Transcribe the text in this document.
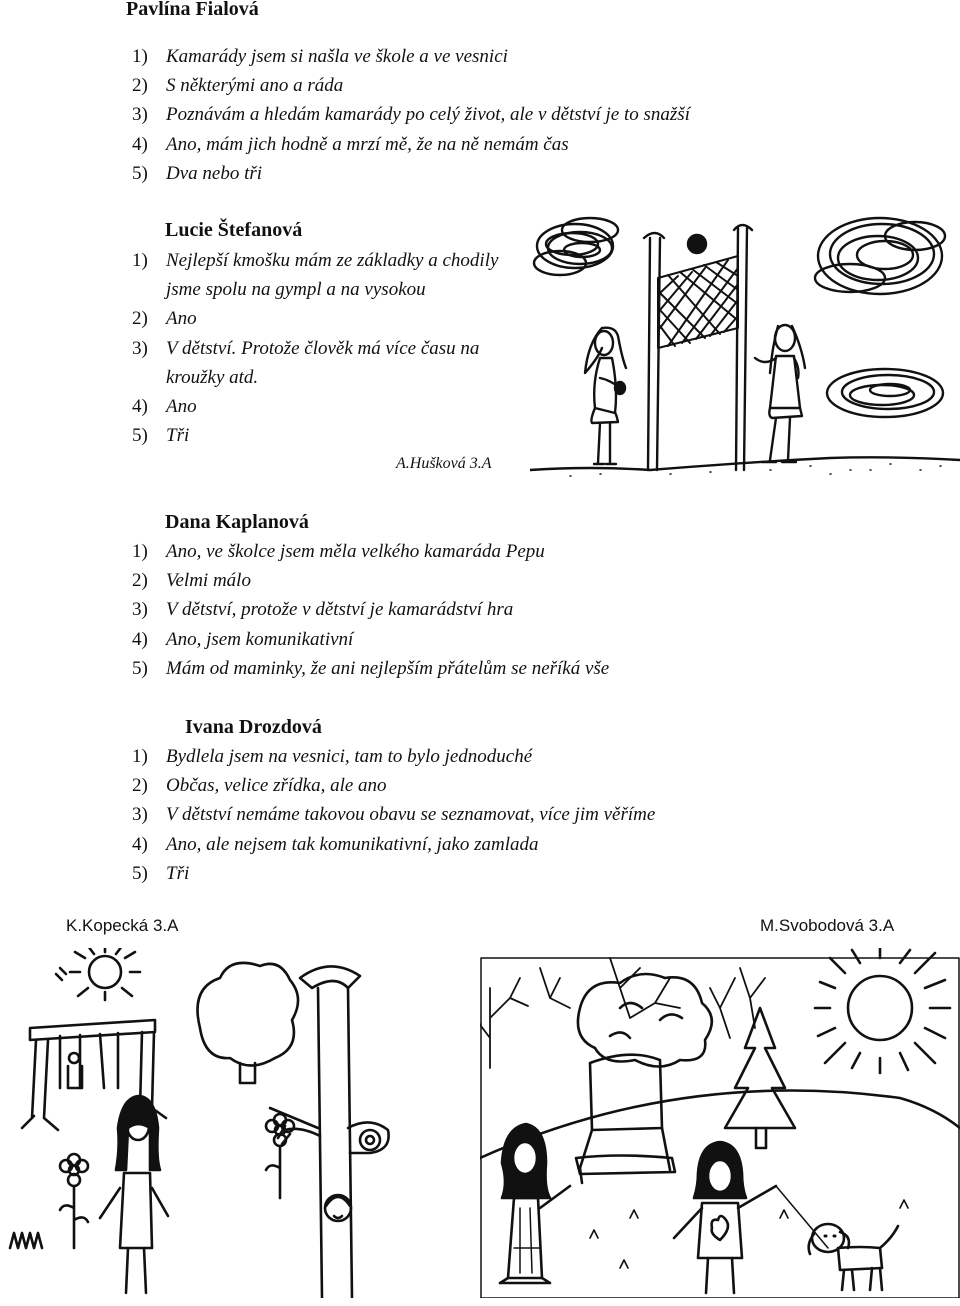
Pavlína Fialová
1 )	Kamarády jsem si našla ve škole a ve vesnici
2 )	S některými ano a ráda
3 )	Poznávám a hledám kamarády po celý život, ale v dětství je to snažší
4 )	Ano, mám jich hodně a mrzí mě, že na ně nemám čas
5 )	Dva nebo tři
Lucie Štefanová
1 )	Nejlepší kmošku mám ze základky a chodily jsme spolu na gympl a na vysokou
2 )	Ano
3 )	V dětství. Protože člověk má více času na kroužky atd.
4 )	Ano
5 )	Tři
A.Hušková 3.A
Dana Kaplanová
1 )	Ano, ve školce jsem měla velkého kamaráda Pepu
2 )	Velmi málo
3 )	V dětství, protože v dětství je kamarádství hra
4 )	Ano, jsem komunikativní
5 )	Mám od maminky, že ani nejlepším přátelům se neříká vše
Ivana Drozdová
1 )	Bydlela jsem na vesnici, tam to bylo jednoduché
2 )	Občas, velice zřídka, ale ano
3 )	V dětství nemáme takovou obavu se seznamovat, více jim věříme
4 )	Ano, ale nejsem tak komunikativní, jako zamlada
5 )	Tři
K.Kopecká 3.A	M.Svobodová 3.A
